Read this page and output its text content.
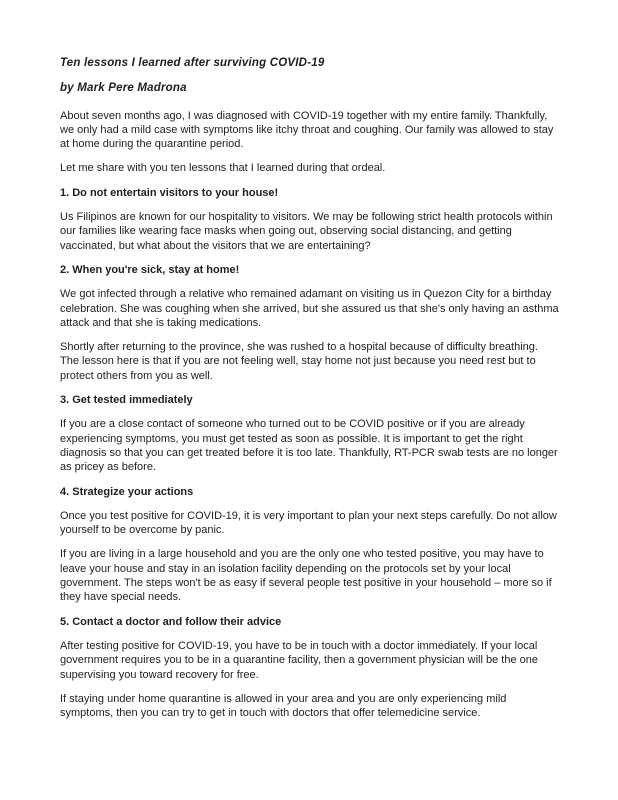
Ten lessons I learned after surviving COVID-19

by Mark Pere Madrona

About seven months ago, I was diagnosed with COVID-19 together with my entire family. Thankfully, we only had a mild case with symptoms like itchy throat and coughing. Our family was allowed to stay at home during the quarantine period.

Let me share with you ten lessons that I learned during that ordeal.

1. Do not entertain visitors to your house!

Us Filipinos are known for our hospitality to visitors. We may be following strict health protocols within our families like wearing face masks when going out, observing social distancing, and getting vaccinated, but what about the visitors that we are entertaining?

2. When you're sick, stay at home!

We got infected through a relative who remained adamant on visiting us in Quezon City for a birthday celebration. She was coughing when she arrived, but she assured us that she's only having an asthma attack and that she is taking medications.

Shortly after returning to the province, she was rushed to a hospital because of difficulty breathing. The lesson here is that if you are not feeling well, stay home not just because you need rest but to protect others from you as well.

3. Get tested immediately

If you are a close contact of someone who turned out to be COVID positive or if you are already experiencing symptoms, you must get tested as soon as possible. It is important to get the right diagnosis so that you can get treated before it is too late. Thankfully, RT-PCR swab tests are no longer as pricey as before.

4. Strategize your actions

Once you test positive for COVID-19, it is very important to plan your next steps carefully. Do not allow yourself to be overcome by panic.

If you are living in a large household and you are the only one who tested positive, you may have to leave your house and stay in an isolation facility depending on the protocols set by your local government. The steps won't be as easy if several people test positive in your household – more so if they have special needs.

5. Contact a doctor and follow their advice

After testing positive for COVID-19, you have to be in touch with a doctor immediately. If your local government requires you to be in a quarantine facility, then a government physician will be the one supervising you toward recovery for free.

If staying under home quarantine is allowed in your area and you are only experiencing mild symptoms, then you can try to get in touch with doctors that offer telemedicine service.
